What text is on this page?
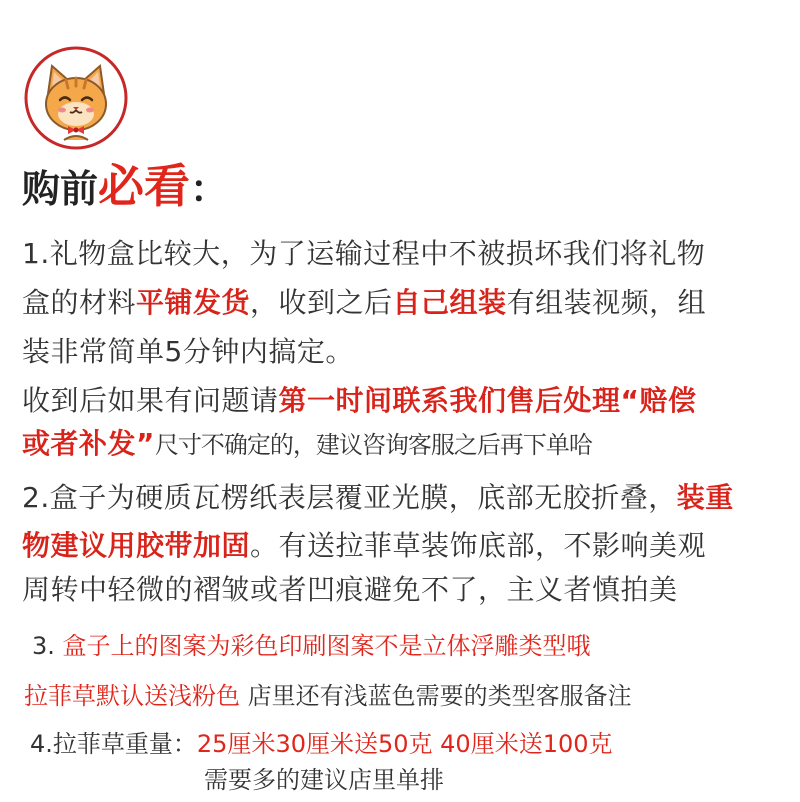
购前必看：
1.礼物盒比较大，为了运输过程中不被损坏我们将礼物
盒的材料平铺发货，收到之后自己组装有组装视频，组
装非常简单5分钟内搞定。
收到后如果有问题请第一时间联系我们售后处理“赔偿
或者补发”尺寸不确定的，建议咨询客服之后再下单哈
2.盒子为硬质瓦楞纸表层覆亚光膜，底部无胶折叠，装重
物建议用胶带加固。有送拉菲草装饰底部，不影响美观
周转中轻微的褶皱或者凹痕避免不了，主义者慎拍美
3. 盒子上的图案为彩色印刷图案不是立体浮雕类型哦
拉菲草默认送浅粉色 店里还有浅蓝色需要的类型客服备注
4.拉菲草重量：25厘米30厘米送50克 40厘米送100克
需要多的建议店里单排
